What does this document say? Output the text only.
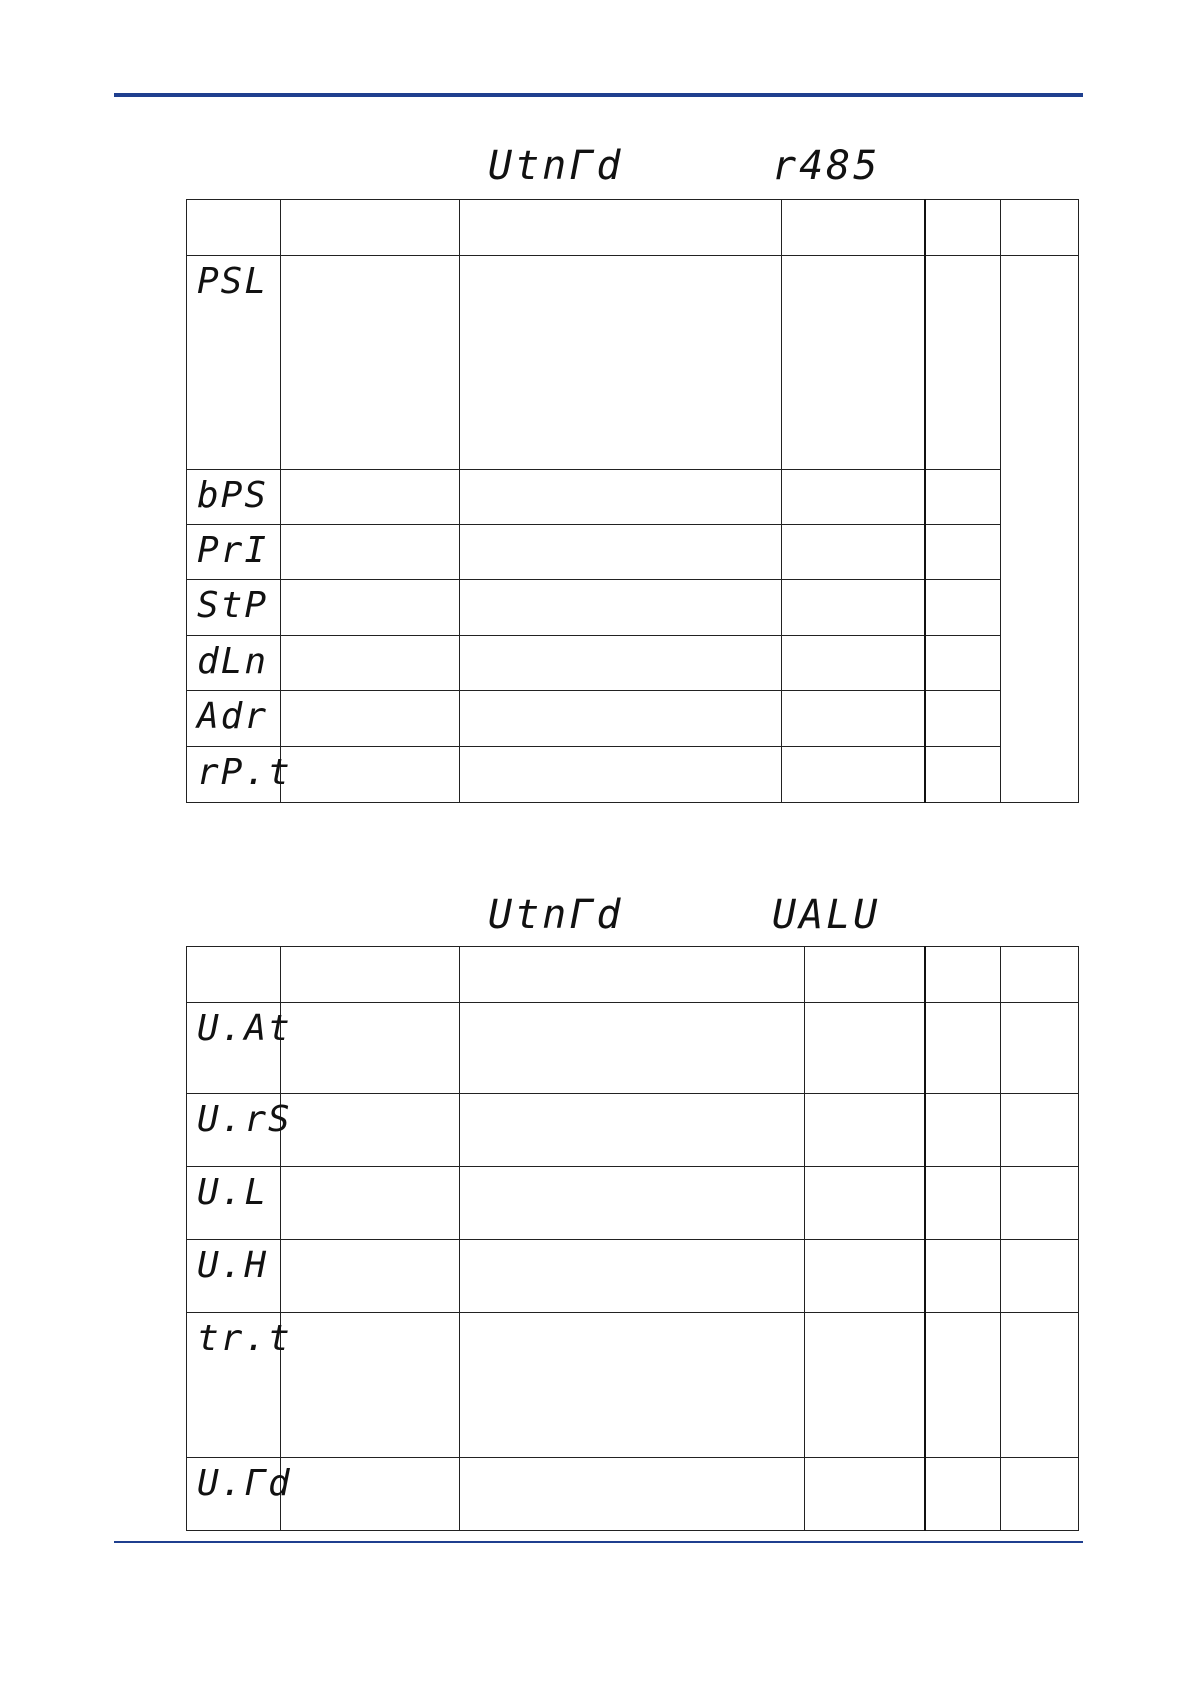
UtnГd	r485

PSL					
bPS					
PrI					
StP					
dLn					
Adr					
rP.t					
UtnГd	UALU

U.At					
U.rS					
U.L					
U.H					
tr.t					
U.Гd					
